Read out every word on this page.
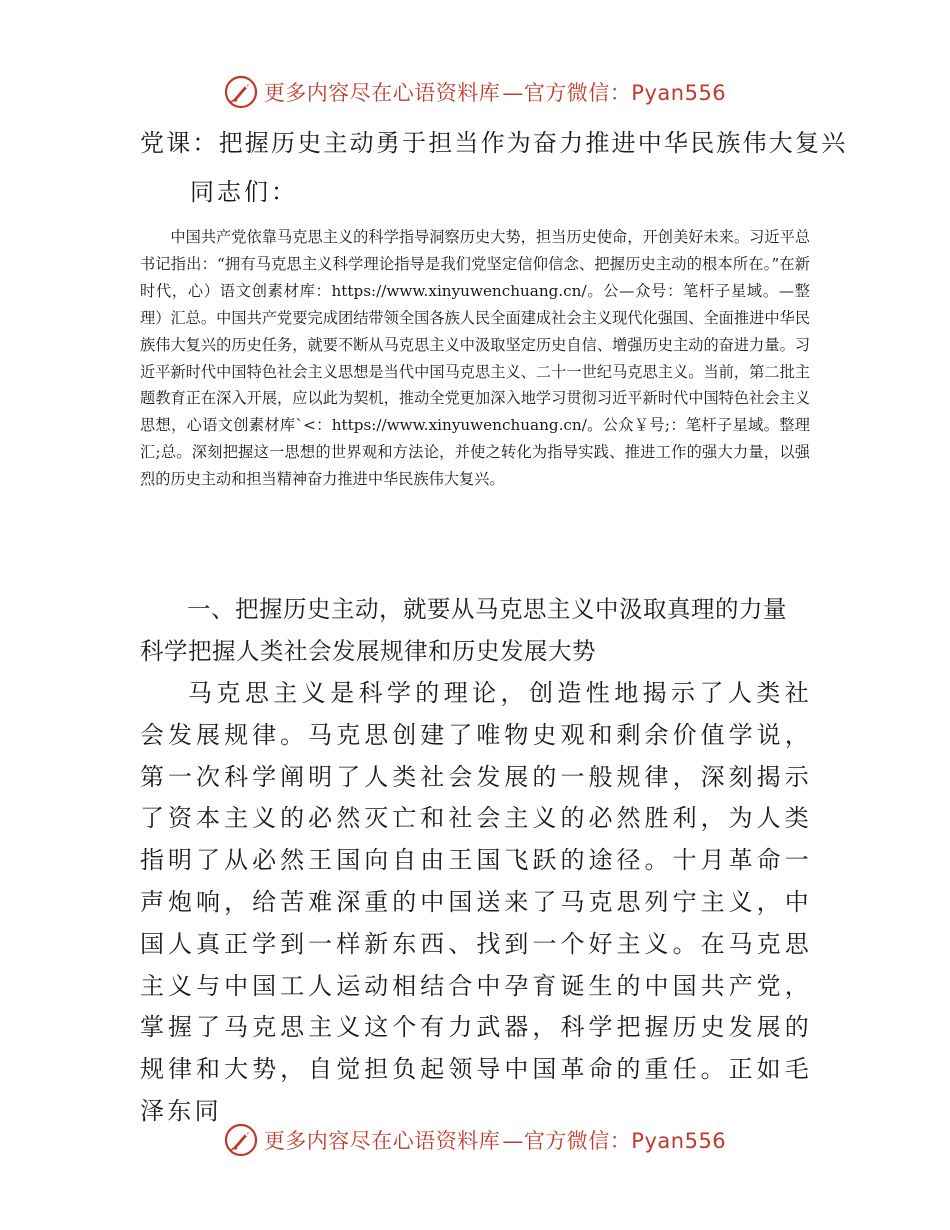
更多内容尽在心语资料库 —官方微信：Pyan556
党课：把握历史主动勇于担当作为奋力推进中华民族伟大复兴

同志们：

中国共产党依靠马克思主义的科学指导洞察历史大势，担当历史使命，开创美好未来。习近平总书记指出：“拥有马克思主义科学理论指导是我们党坚定信仰信念、把握历史主动的根本所在。”在新时代，心）语文创素材库：https://www.xinyuwenchuang.cn/。公—众号：笔杆子星域。—整理）汇总。中国共产党要完成团结带领全国各族人民全面建成社会主义现代化强国、全面推进中华民族伟大复兴的历史任务，就要不断从马克思主义中汲取坚定历史自信、增强历史主动的奋进力量。习近平新时代中国特色社会主义思想是当代中国马克思主义、二十一世纪马克思主义。当前，第二批主题教育正在深入开展，应以此为契机，推动全党更加深入地学习贯彻习近平新时代中国特色社会主义思想，心语文创素材库`<：https://www.xinyuwenchuang.cn/。公众￥号;：笔杆子星域。整理汇;总。深刻把握这一思想的世界观和方法论，并使之转化为指导实践、推进工作的强大力量，以强烈的历史主动和担当精神奋力推进中华民族伟大复兴。

一、把握历史主动，就要从马克思主义中汲取真理的力量科学把握人类社会发展规律和历史发展大势

马克思主义是科学的理论，创造性地揭示了人类社会发展规律。马克思创建了唯物史观和剩余价值学说，第一次科学阐明了人类社会发展的一般规律，深刻揭示了资本主义的必然灭亡和社会主义的必然胜利，为人类指明了从必然王国向自由王国飞跃的途径。十月革命一声炮响，给苦难深重的中国送来了马克思列宁主义，中国人真正学到一样新东西、找到一个好主义。在马克思主义与中国工人运动相结合中孕育诞生的中国共产党，掌握了马克思主义这个有力武器，科学把握历史发展的规律和大势，自觉担负起领导中国革命的重任。正如毛泽东同

更多内容尽在心语资料库 —官方微信：Pyan556
